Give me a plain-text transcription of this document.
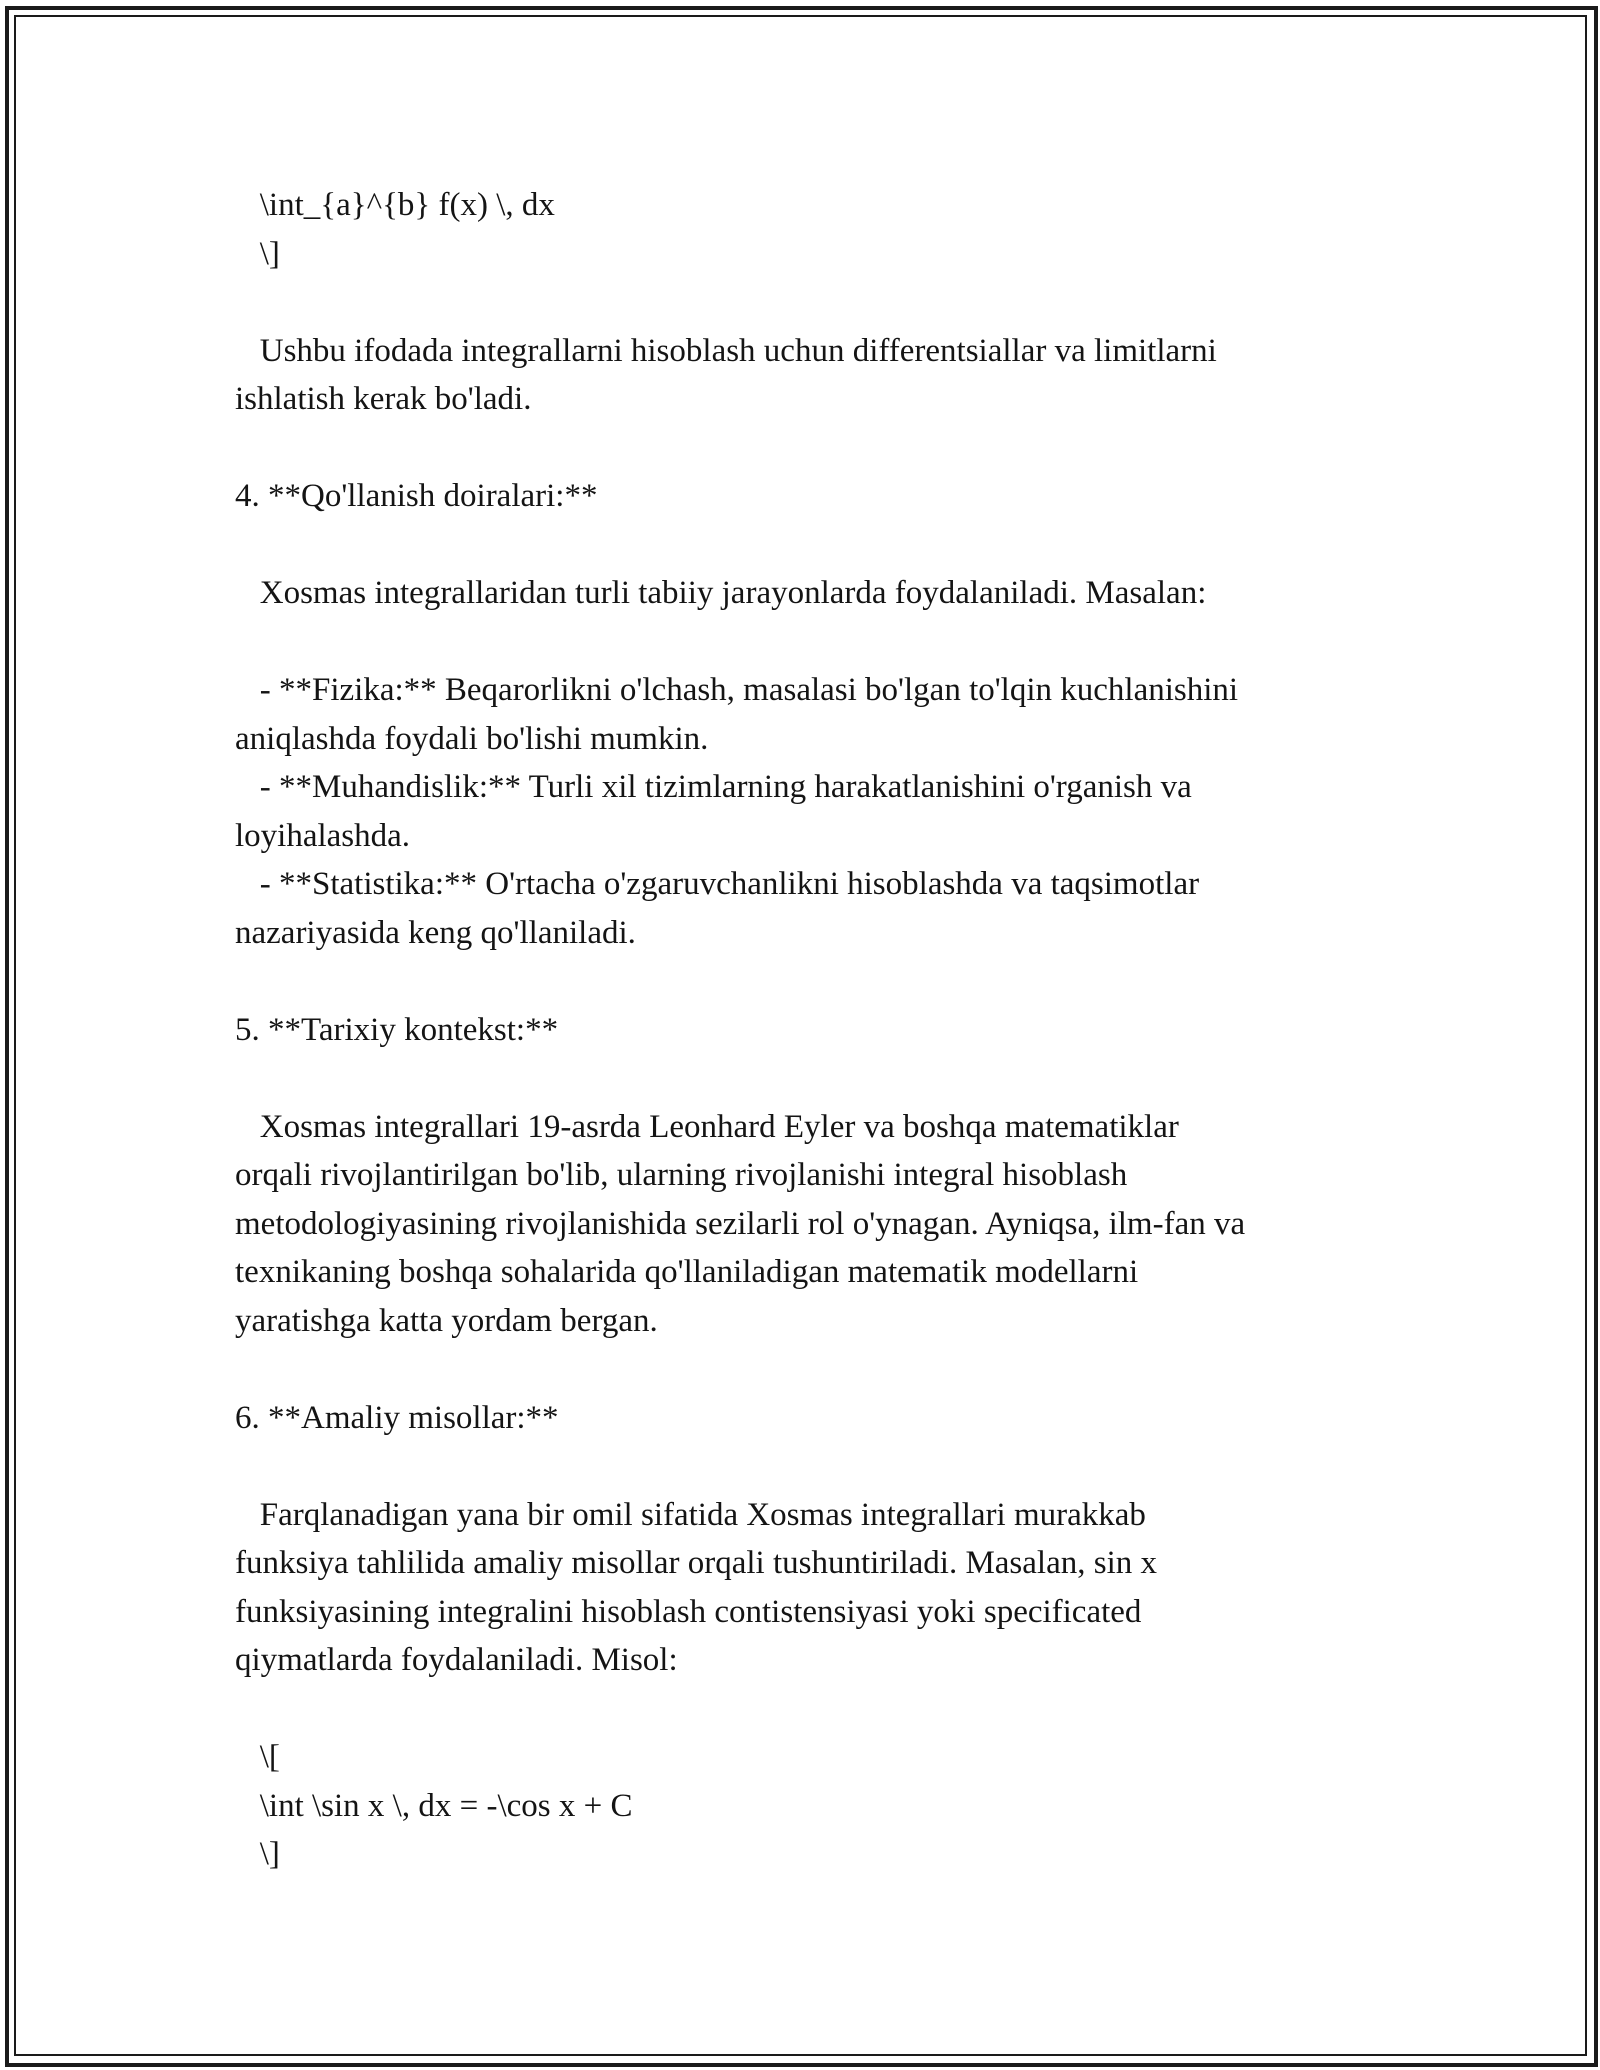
\int_{a}^{b} f(x) \, dx
\]
Ushbu ifodada integrallarni hisoblash uchun differentsiallar va limitlarni
ishlatish kerak bo'ladi.
4. **Qo'llanish doiralari:**
Xosmas integrallaridan turli tabiiy jarayonlarda foydalaniladi. Masalan:
- **Fizika:** Beqarorlikni o'lchash, masalasi bo'lgan to'lqin kuchlanishini
aniqlashda foydali bo'lishi mumkin.
- **Muhandislik:** Turli xil tizimlarning harakatlanishini o'rganish va
loyihalashda.
- **Statistika:** O'rtacha o'zgaruvchanlikni hisoblashda va taqsimotlar
nazariyasida keng qo'llaniladi.
5. **Tarixiy kontekst:**
Xosmas integrallari 19-asrda Leonhard Eyler va boshqa matematiklar
orqali rivojlantirilgan bo'lib, ularning rivojlanishi integral hisoblash
metodologiyasining rivojlanishida sezilarli rol o'ynagan. Ayniqsa, ilm-fan va
texnikaning boshqa sohalarida qo'llaniladigan matematik modellarni
yaratishga katta yordam bergan.
6. **Amaliy misollar:**
Farqlanadigan yana bir omil sifatida Xosmas integrallari murakkab
funksiya tahlilida amaliy misollar orqali tushuntiriladi. Masalan, sin x
funksiyasining integralini hisoblash contistensiyasi yoki specificated
qiymatlarda foydalaniladi. Misol:
\[
\int \sin x \, dx = -\cos x + C
\]
